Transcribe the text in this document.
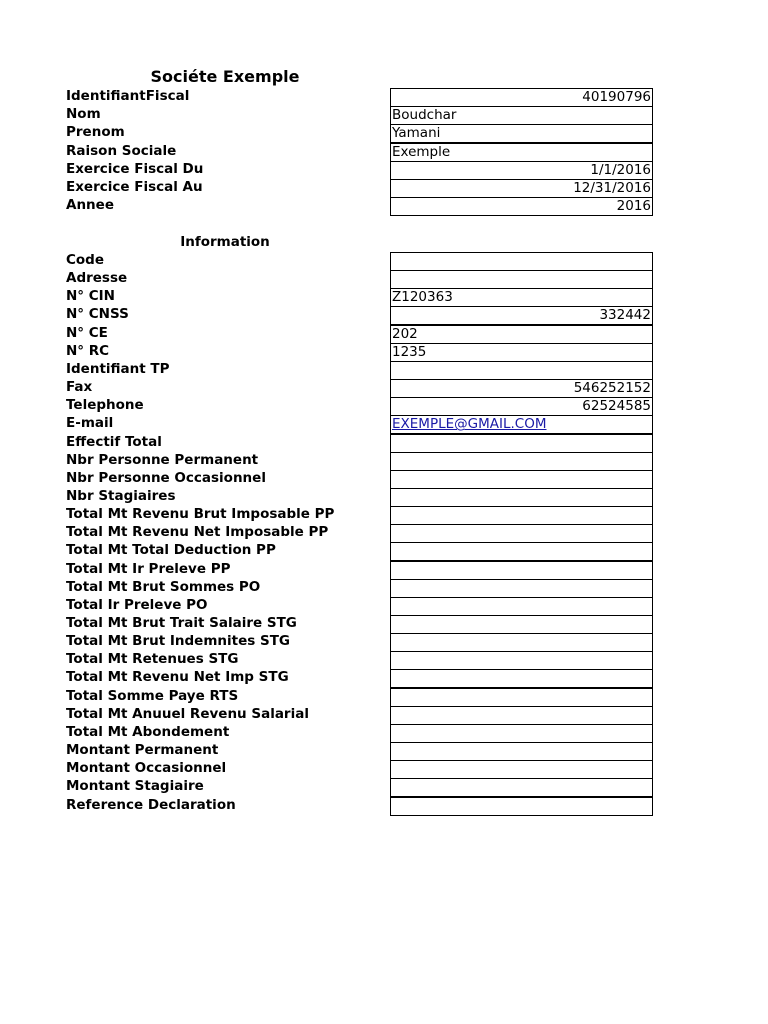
Sociéte Exemple
IdentifiantFiscal	40190796
Nom	Boudchar
Prenom	Yamani
Raison Sociale	Exemple
Exercice Fiscal Du	1/1/2016
Exercice Fiscal Au	12/31/2016
Annee	2016
Information
Code
Adresse
N° CIN	Z120363
N° CNSS	332442
N° CE	202
N° RC	1235
Identifiant TP
Fax	546252152
Telephone	62524585
E-mail	EXEMPLE@GMAIL.COM
Effectif Total
Nbr Personne Permanent
Nbr Personne Occasionnel
Nbr Stagiaires
Total Mt Revenu Brut Imposable PP
Total Mt Revenu Net Imposable PP
Total Mt Total Deduction PP
Total Mt Ir Preleve PP
Total Mt Brut Sommes PO
Total Ir Preleve PO
Total Mt Brut Trait Salaire STG
Total Mt Brut Indemnites STG
Total Mt Retenues STG
Total Mt Revenu Net Imp STG
Total Somme Paye RTS
Total Mt Anuuel Revenu Salarial
Total Mt Abondement
Montant Permanent
Montant Occasionnel
Montant Stagiaire
Reference Declaration
